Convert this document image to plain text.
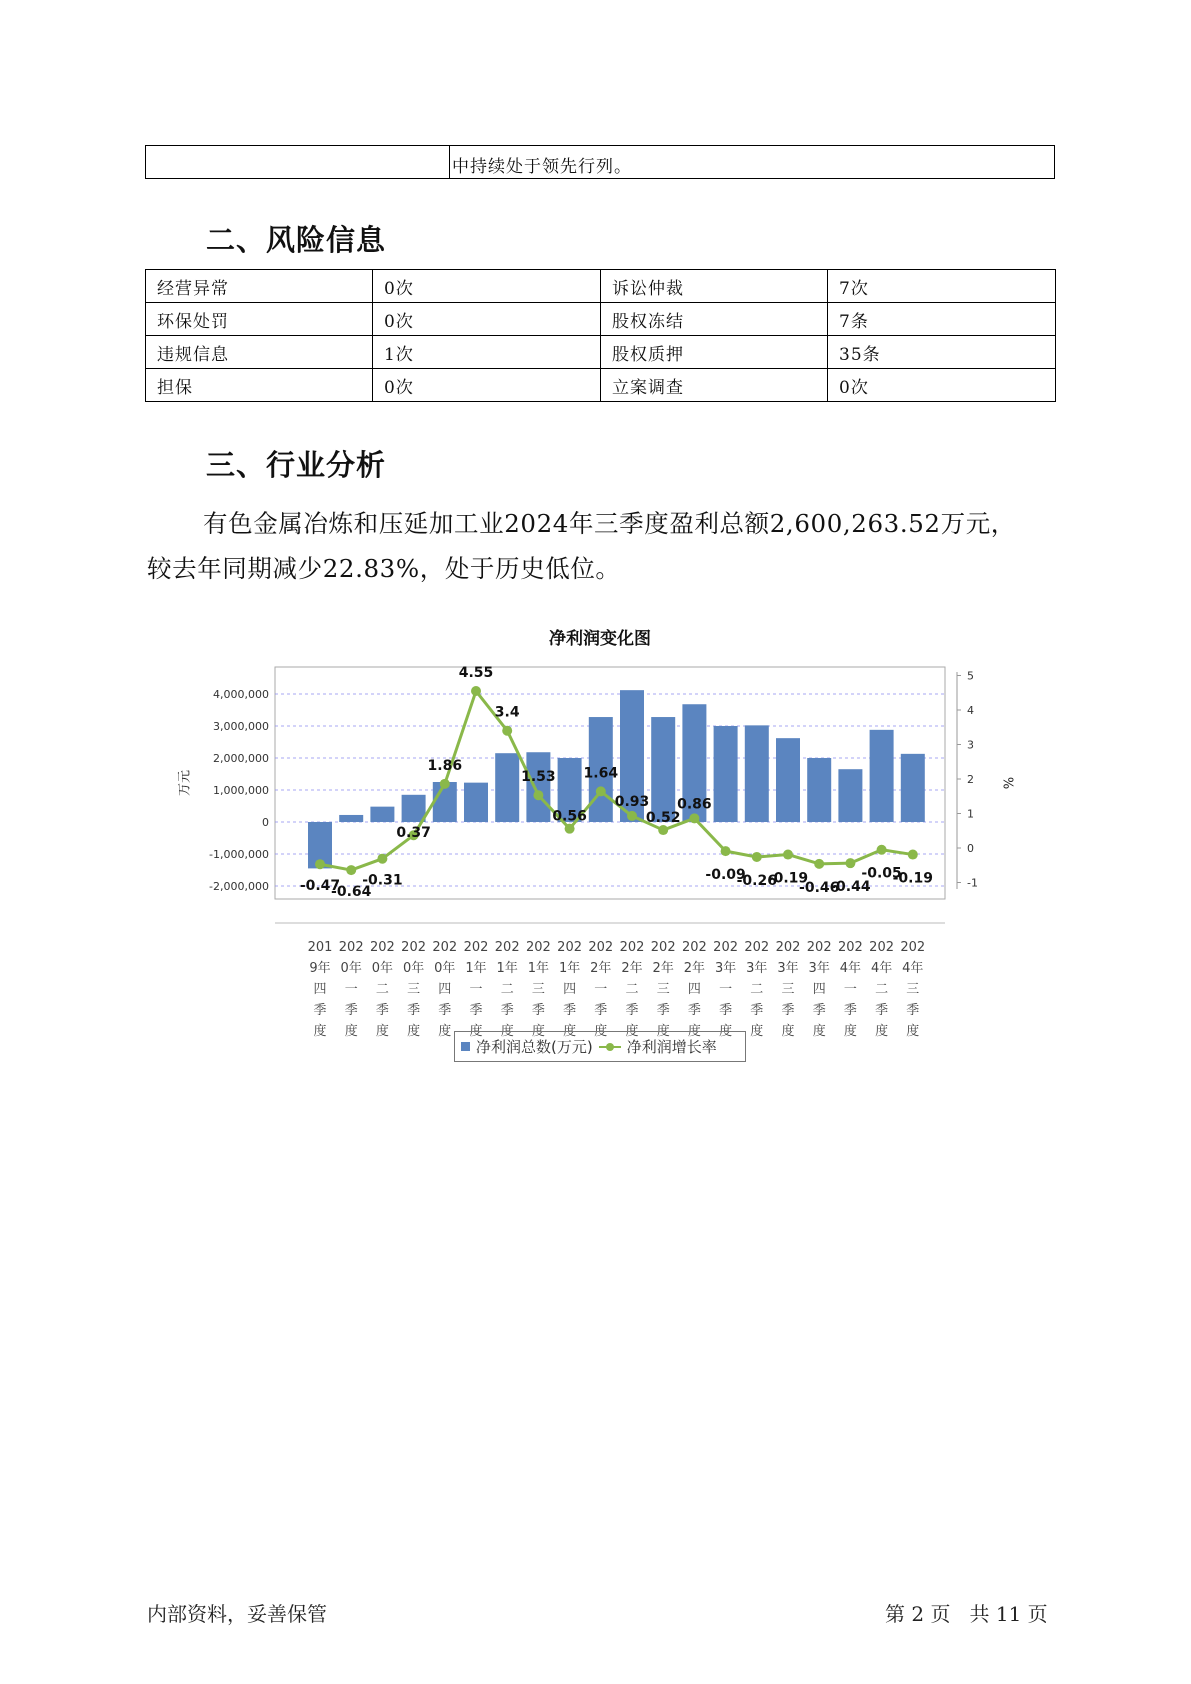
中持续处于领先行列。
二、风险信息
经营异常	0次	诉讼仲裁	7次
环保处罚	0次	股权冻结	7条
违规信息	1次	股权质押	35条
担保	0次	立案调查	0次
三、行业分析
有色金属冶炼和压延加工业2024年三季度盈利总额2,600,263.52万元，
较去年同期减少22.83%，处于历史低位。
净利润变化图
4,000,000
3,000,000
2,000,000
1,000,000
0
-1,000,000
-2,000,000
5
4
3
2
1
0
-1
万元	%
-0.47
-0.64
-0.31
0.37
1.86
4.55
3.4
1.53
0.56
1.64
0.93
0.52
0.86
-0.09
-0.26
-0.19
-0.46
-0.44
-0.05
-0.19
201
9年
四
季
度
202
0年
一
季
度
202
0年
二
季
度
202
0年
三
季
度
202
0年
四
季
度
202
1年
一
季
度
202
1年
二
季
度
202
1年
三
季
度
202
1年
四
季
度
202
2年
一
季
度
202
2年
二
季
度
202
2年
三
季
度
202
2年
四
季
度
202
3年
一
季
度
202
3年
二
季
度
202
3年
三
季
度
202
3年
四
季
度
202
4年
一
季
度
202
4年
二
季
度
202
4年
三
季
度
净利润总数(万元) 净利润增长率
内部资料，妥善保管	第 2 页   共 11 页
